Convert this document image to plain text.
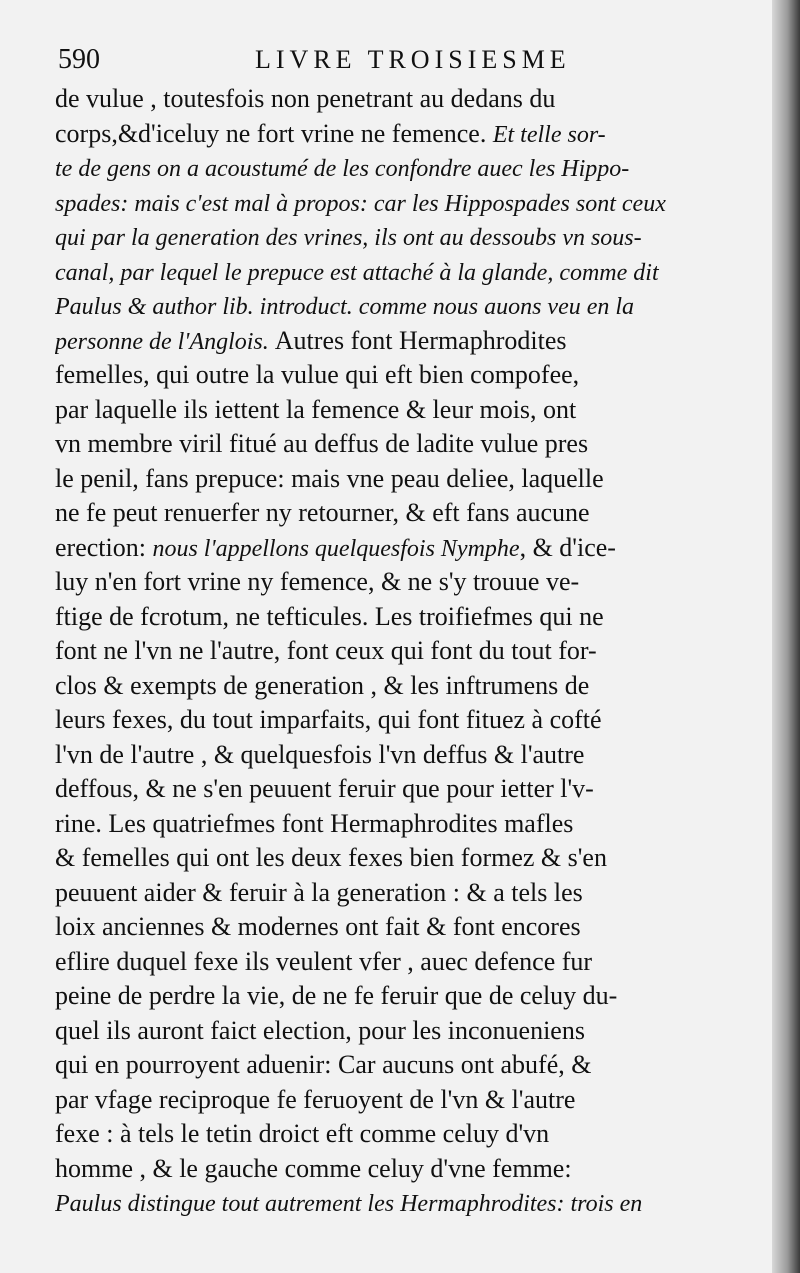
590	LIVRE TROISIESME
de vulue , toutesfois non penetrant au dedans du
corps,&d'iceluy ne fort vrine ne femence. Et telle sor-
te de gens on a acoustumé de les confondre auec les Hippo-
spades: mais c'est mal à propos: car les Hippospades sont ceux
qui par la generation des vrines, ils ont au dessoubs vn sous-
canal, par lequel le prepuce est attaché à la glande, comme dit
Paulus & author lib. introduct. comme nous auons veu en la
personne de l'Anglois. Autres font Hermaphrodites
femelles, qui outre la vulue qui eft bien compofee,
par laquelle ils iettent la femence & leur mois, ont
vn membre viril fitué au deffus de ladite vulue pres
le penil, fans prepuce: mais vne peau deliee, laquelle
ne fe peut renuerfer ny retourner, & eft fans aucune
erection: nous l'appellons quelquesfois Nymphe, & d'ice-
luy n'en fort vrine ny femence, & ne s'y trouue ve-
ftige de fcrotum, ne tefticules. Les troifiefmes qui ne
font ne l'vn ne l'autre, font ceux qui font du tout for-
clos & exempts de generation , & les inftrumens de
leurs fexes, du tout imparfaits, qui font fituez à cofté
l'vn de l'autre , & quelquesfois l'vn deffus & l'autre
deffous, & ne s'en peuuent feruir que pour ietter l'v-
rine. Les quatriefmes font Hermaphrodites mafles
& femelles qui ont les deux fexes bien formez & s'en
peuuent aider & feruir à la generation : & a tels les
loix anciennes & modernes ont fait & font encores
eflire duquel fexe ils veulent vfer , auec defence fur
peine de perdre la vie, de ne fe feruir que de celuy du-
quel ils auront faict election, pour les inconueniens
qui en pourroyent aduenir: Car aucuns ont abufé, &
par vfage reciproque fe feruoyent de l'vn & l'autre
fexe : à tels le tetin droict eft comme celuy d'vn
homme , & le gauche comme celuy d'vne femme:
Paulus distingue tout autrement les Hermaphrodites: trois en
